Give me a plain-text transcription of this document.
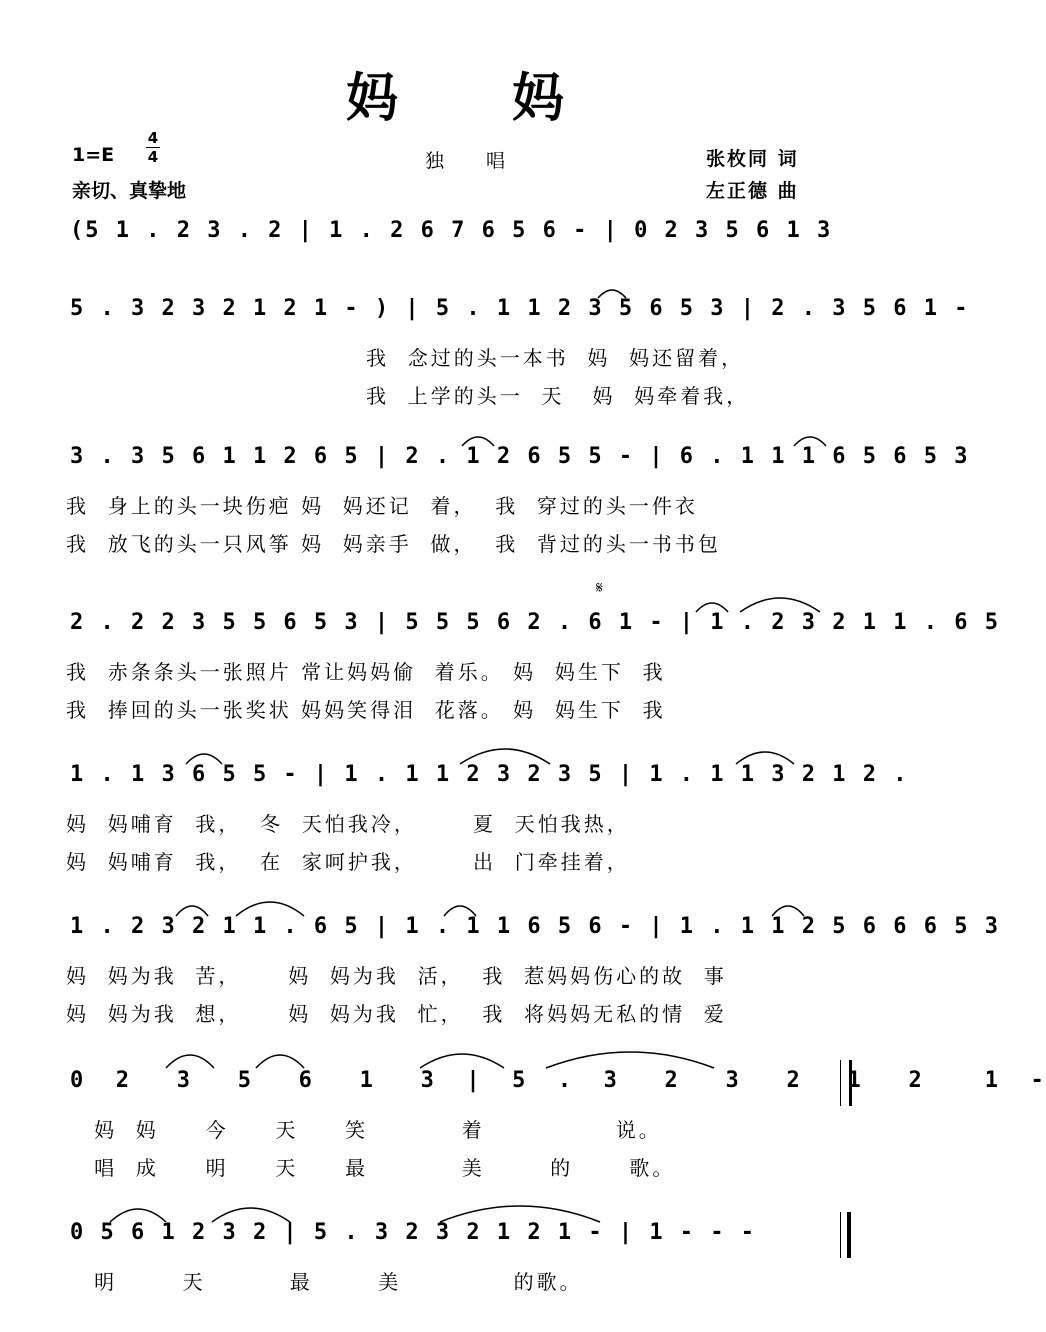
妈 妈
1=E
4
4
亲切、真挚地
独 唱	张枚同 词
左正德 曲
(5 1 . 2 3 . 2 | 1 . 2 6 7 6 5 6 - | 0 2 3 5 6 1 3
5 . 3 2 3 2 1 2 1 - ) | 5 . 1 1 2 3 5 6 5 3 | 2 . 3 5 6 1 -
我  念过的头一本书  妈  妈还留着，
我  上学的头一  天   妈  妈牵着我，
3 . 3 5 6 1 1 2 6 5 | 2 . 1 2 6 5 5 - | 6 . 1 1 1 6 5 6 5 3
我  身上的头一块伤疤 妈  妈还记  着，  我  穿过的头一件衣
我  放飞的头一只风筝 妈  妈亲手  做，  我  背过的头一书书包
2 . 2 2 3 5 5 6 5 3 | 5 5 5 6 2 . 6 1 - | 1 . 2 3 2 1 1 . 6 5
我  赤条条头一张照片 常让妈妈偷  着乐。 妈  妈生下  我
我  捧回的头一张奖状 妈妈笑得泪  花落。 妈  妈生下  我
𝄋
1 . 1 3 6 5 5 - | 1 . 1 1 2 3 2 3 5 | 1 . 1 1 3 2 1 2 .
妈  妈哺育  我，  冬  天怕我冷，      夏  天怕我热，
妈  妈哺育  我，  在  家呵护我，      出  门牵挂着，
1 . 2 3 2 1 1 . 6 5 | 1 . 1 1 6 5 6 - | 1 . 1 1 2 5 6 6 6 5 3
妈  妈为我  苦，     妈  妈为我  活，  我  惹妈妈伤心的故  事
妈  妈为我  想，     妈  妈为我  忙，  我  将妈妈无私的情  爱
0  2   3   5   6   1   3  |  5  .  3   2   3   2   1   2    1  -
妈  妈     今     天     笑          着              说。
唱  成     明     天     最          美       的      歌。
0 5 6 1 2 3 2 | 5 . 3 2 3 2 1 2 1 - | 1 - - -
明       天         最       美            的歌。
